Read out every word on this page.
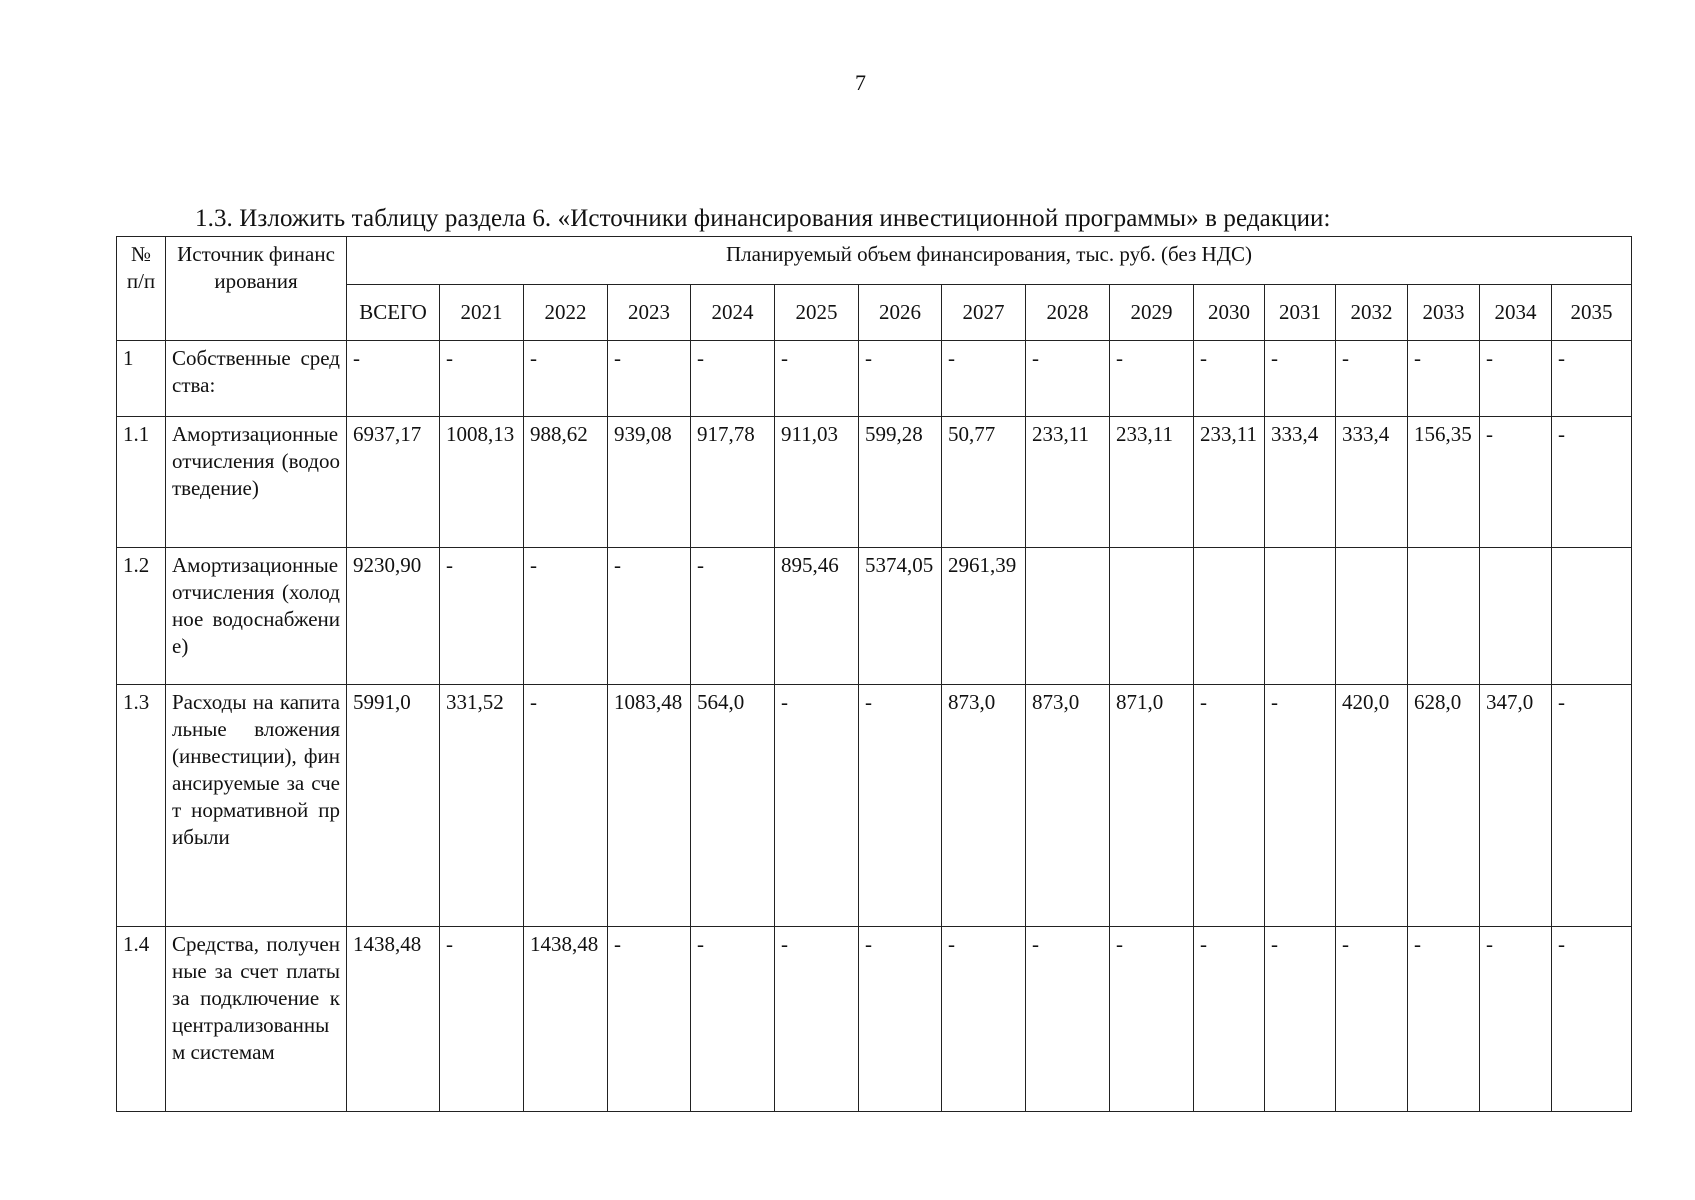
7
1.3. Изложить таблицу раздела 6. «Источники финансирования инвестиционной программы» в редакции:
№ п/п	Источник финансирования	Планируемый объем финансирования, тыс. руб. (без НДС)															
		ВСЕГО	2021	2022	2023	2024	2025	2026	2027	2028	2029	2030	2031	2032	2033	2034	2035
1	Собственные средства:	-	-	-	-	-	-	-	-	-	-	-	-	-	-	-	-
1.1	Амортизационные отчисления (водоотведение)	6937,17	1008,13	988,62	939,08	917,78	911,03	599,28	50,77	233,11	233,11	233,11	333,4	333,4	156,35	-	-
1.2	Амортизационные отчисления (холодное водоснабжение)	9230,90	-	-	-	-	895,46	5374,05	2961,39								
1.3	Расходы на капитальные вложения (инвестиции), финансируемые за счет нормативной прибыли	5991,0	331,52	-	1083,48	564,0	-	-	873,0	873,0	871,0	-	-	420,0	628,0	347,0	-
1.4	Средства, полученные за счет платы за подключение к централизованным системам	1438,48	-	1438,48	-	-	-	-	-	-	-	-	-	-	-	-	-
